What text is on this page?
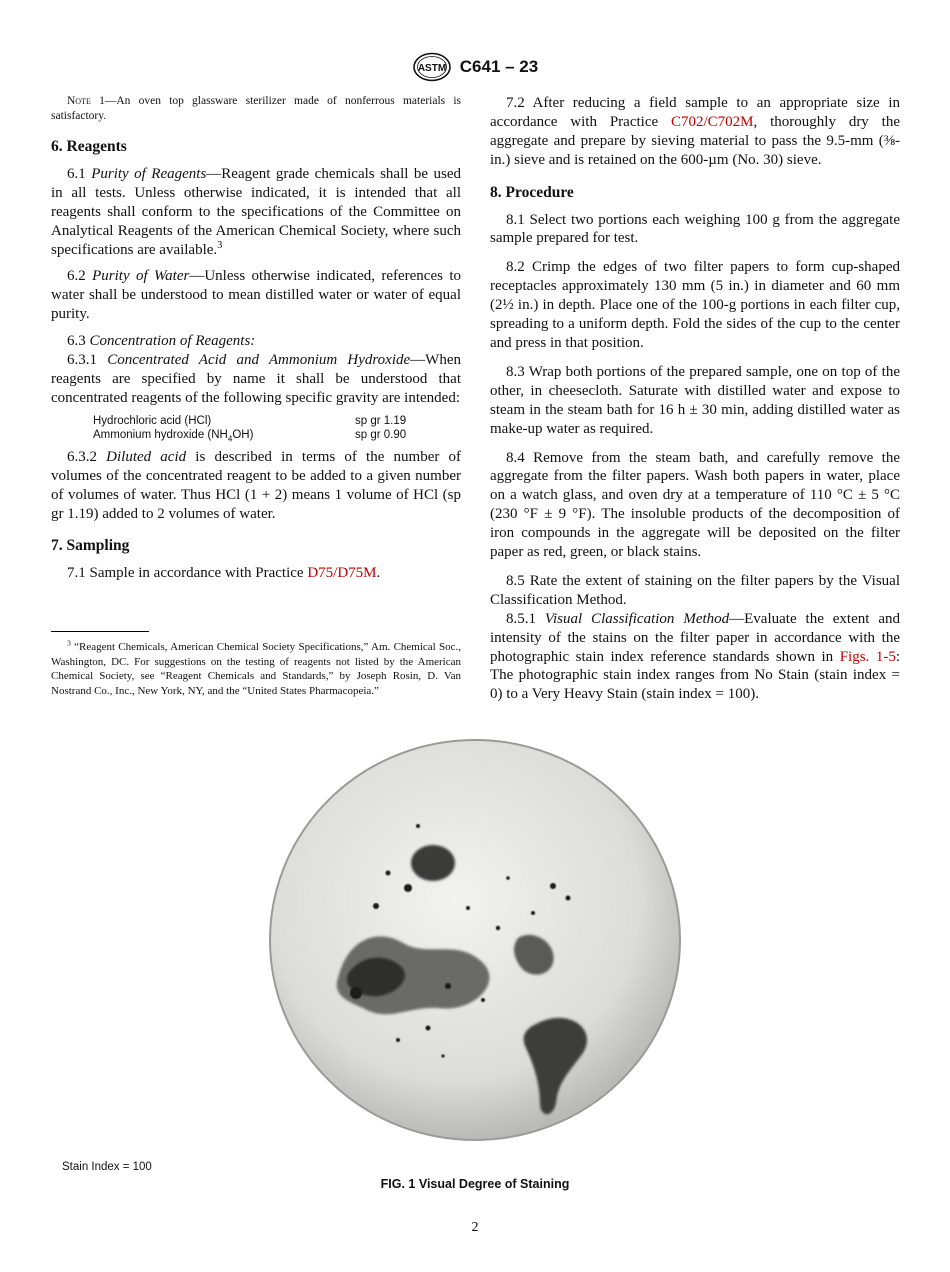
ASTM C641 – 23

Note 1—An oven top glassware sterilizer made of nonferrous materials is satisfactory.

6. Reagents

6.1 Purity of Reagents—Reagent grade chemicals shall be used in all tests. Unless otherwise indicated, it is intended that all reagents shall conform to the specifications of the Committee on Analytical Reagents of the American Chemical Society, where such specifications are available.$^3$

6.2 Purity of Water—Unless otherwise indicated, references to water shall be understood to mean distilled water or water of equal purity.

6.3 Concentration of Reagents:

6.3.1 Concentrated Acid and Ammonium Hydroxide—When reagents are specified by name it shall be understood that concentrated reagents of the following specific gravity are intended:

Hydrochloric acid (HCl)	sp gr 1.19
Ammonium hydroxide $(NH_4OH)$	sp gr 0.90

6.3.2 Diluted acid is described in terms of the number of volumes of the concentrated reagent to be added to a given number of volumes of water. Thus HCl (1 + 2) means 1 volume of HCl (sp gr 1.19) added to 2 volumes of water.

7. Sampling

7.1 Sample in accordance with Practice D75/D75M.

$^3$ “Reagent Chemicals, American Chemical Society Specifications,” Am. Chemical Soc., Washington, DC. For suggestions on the testing of reagents not listed by the American Chemical Society, see “Reagent Chemicals and Standards,” by Joseph Rosin, D. Van Nostrand Co., Inc., New York, NY, and the “United States Pharmacopeia.”

7.2 After reducing a field sample to an appropriate size in accordance with Practice C702/C702M, thoroughly dry the aggregate and prepare by sieving material to pass the 9.5-mm (⅜-in.) sieve and is retained on the 600-µm (No. 30) sieve.

8. Procedure

8.1 Select two portions each weighing 100 g from the aggregate sample prepared for test.

8.2 Crimp the edges of two filter papers to form cup-shaped receptacles approximately 130 mm (5 in.) in diameter and 60 mm (2½ in.) in depth. Place one of the 100-g portions in each filter cup, spreading to a uniform depth. Fold the sides of the cup to the center and press in that position.

8.3 Wrap both portions of the prepared sample, one on top of the other, in cheesecloth. Saturate with distilled water and expose to steam in the steam bath for 16 h ± 30 min, adding distilled water as make-up water as required.

8.4 Remove from the steam bath, and carefully remove the aggregate from the filter papers. Wash both papers in water, place on a watch glass, and oven dry at a temperature of 110 °C ± 5 °C (230 °F ± 9 °F). The insoluble products of the decomposition of iron compounds in the aggregate will be deposited on the filter paper as red, green, or black stains.

8.5 Rate the extent of staining on the filter papers by the Visual Classification Method.

8.5.1 Visual Classification Method—Evaluate the extent and intensity of the stains on the filter paper in accordance with the photographic stain index reference standards shown in Figs. 1-5: The photographic stain index ranges from No Stain (stain index = 0) to a Very Heavy Stain (stain index = 100).

Stain Index = 100
FIG. 1 Visual Degree of Staining
2
